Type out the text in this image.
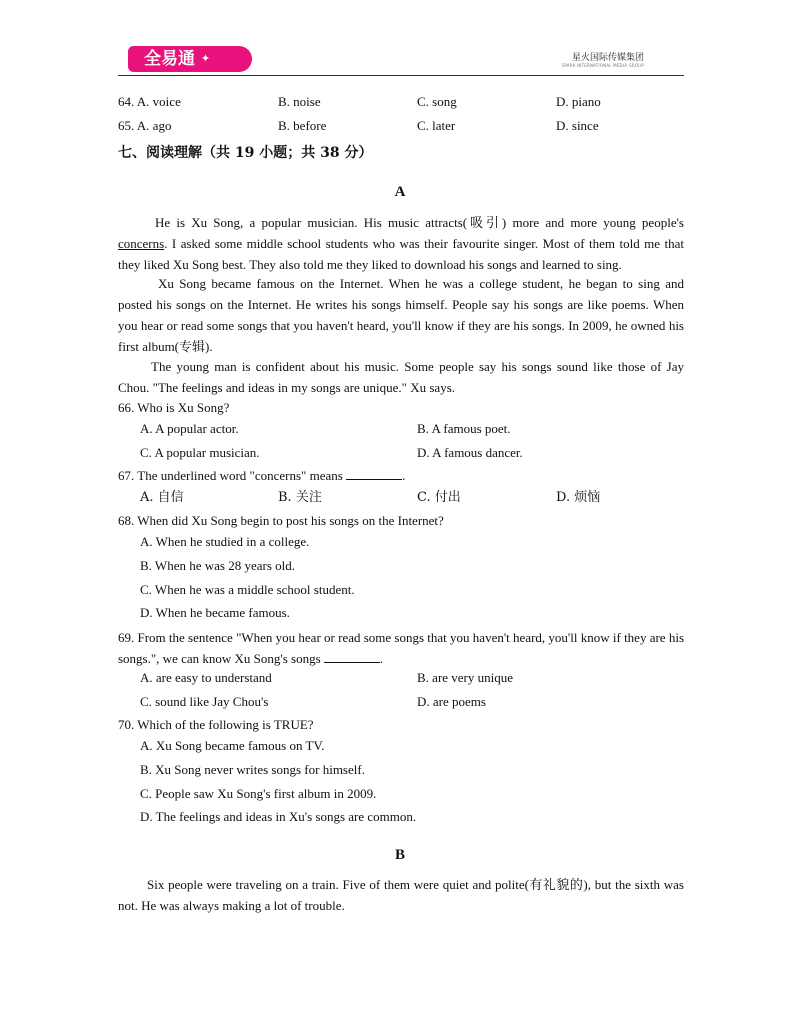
全易通 ✦	星火国际传媒集团
SPARK INTERNATIONAL MEDIA GROUP
64. A. voice	B. noise	C. song	D. piano
65. A. ago	B. before	C. later	D. since
七、阅读理解（共 19 小题；共 38 分）
A
He is Xu Song, a popular musician. His music attracts(吸引) more and more young people's concerns. I asked some middle school students who was their favourite singer. Most of them told me that they liked Xu Song best. They also told me they liked to download his songs and learned to sing.
Xu Song became famous on the Internet. When he was a college student, he began to sing and posted his songs on the Internet. He writes his songs himself. People say his songs are like poems. When you hear or read some songs that you haven't heard, you'll know if they are his songs. In 2009, he owned his first album(专辑).
The young man is confident about his music. Some people say his songs sound like those of Jay Chou. "The feelings and ideas in my songs are unique." Xu says.
66. Who is Xu Song?
A. A popular actor.	B. A famous poet.
C. A popular musician.	D. A famous dancer.
67. The underlined word "concerns" means	.
A. 自信	B. 关注	C. 付出	D. 烦恼
68. When did Xu Song begin to post his songs on the Internet?
A. When he studied in a college.
B. When he was 28 years old.
C. When he was a middle school student.
D. When he became famous.
69. From the sentence "When you hear or read some songs that you haven't heard, you'll know if they are his songs.", we can know Xu Song's songs	.
A. are easy to understand	B. are very unique
C. sound like Jay Chou's	D. are poems
70. Which of the following is TRUE?
A. Xu Song became famous on TV.
B. Xu Song never writes songs for himself.
C. People saw Xu Song's first album in 2009.
D. The feelings and ideas in Xu's songs are common.
B
Six people were traveling on a train. Five of them were quiet and polite(有礼貌的), but the sixth was not. He was always making a lot of trouble.
